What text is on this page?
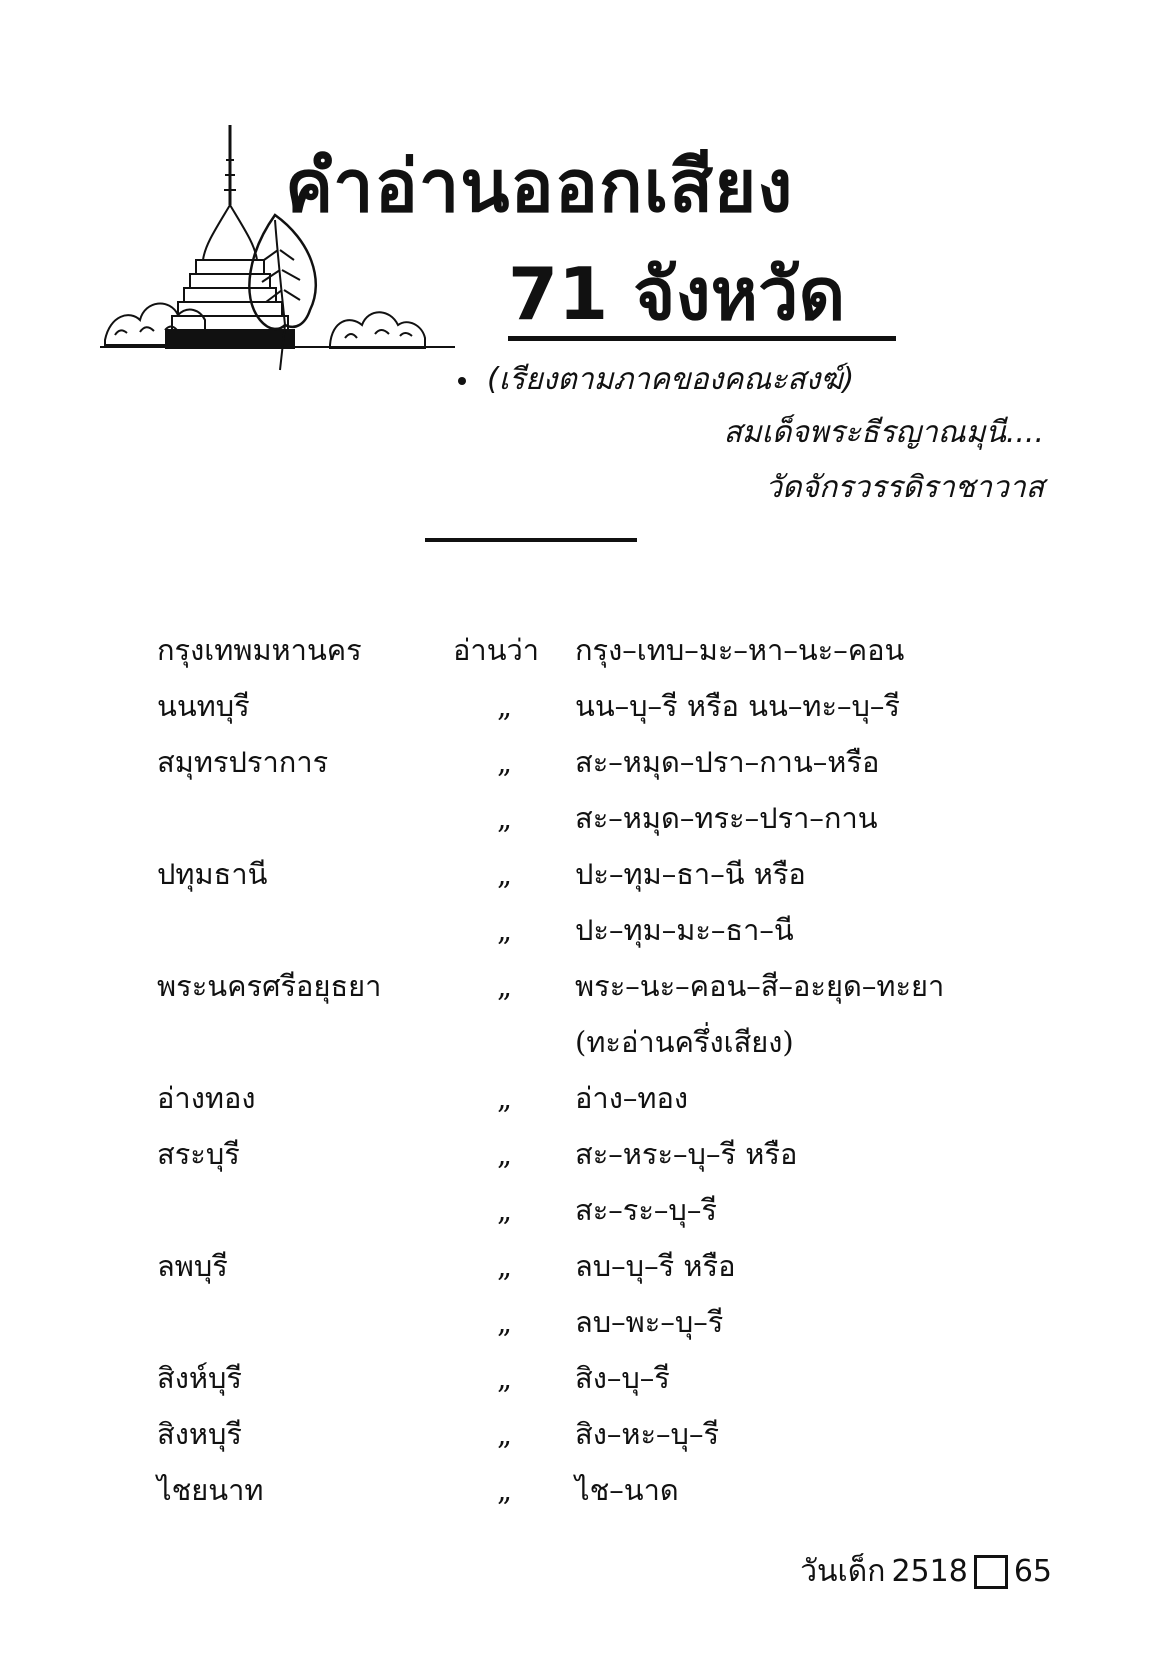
คำอ่านออกเสียง
71 จังหวัด
(เรียงตามภาคของคณะสงฆ์)
สมเด็จพระธีรญาณมุนี....
วัดจักรวรรดิราชาวาส
กรุงเทพมหานคร	อ่านว่า กรุง–เทบ–มะ–หา–นะ–คอน
นนทบุรี	„ นน–บุ–รี หรือ นน–ทะ–บุ–รี
สมุทรปราการ	„ สะ–หมุด–ปรา–กาน–หรือ
„ สะ–หมุด–ทระ–ปรา–กาน
ปทุมธานี	„ ปะ–ทุม–ธา–นี หรือ
„ ปะ–ทุม–มะ–ธา–นี
พระนครศรีอยุธยา	„ พระ–นะ–คอน–สี–อะยุด–ทะยา
(ทะอ่านครึ่งเสียง)
อ่างทอง	„ อ่าง–ทอง
สระบุรี	„ สะ–หระ–บุ–รี หรือ
„ สะ–ระ–บุ–รี
ลพบุรี	„ ลบ–บุ–รี หรือ
„ ลบ–พะ–บุ–รี
สิงห์บุรี	„ สิง–บุ–รี
สิงหบุรี	„ สิง–หะ–บุ–รี
ไชยนาท	„ ไช–นาด
วันเด็ก 2518 65
